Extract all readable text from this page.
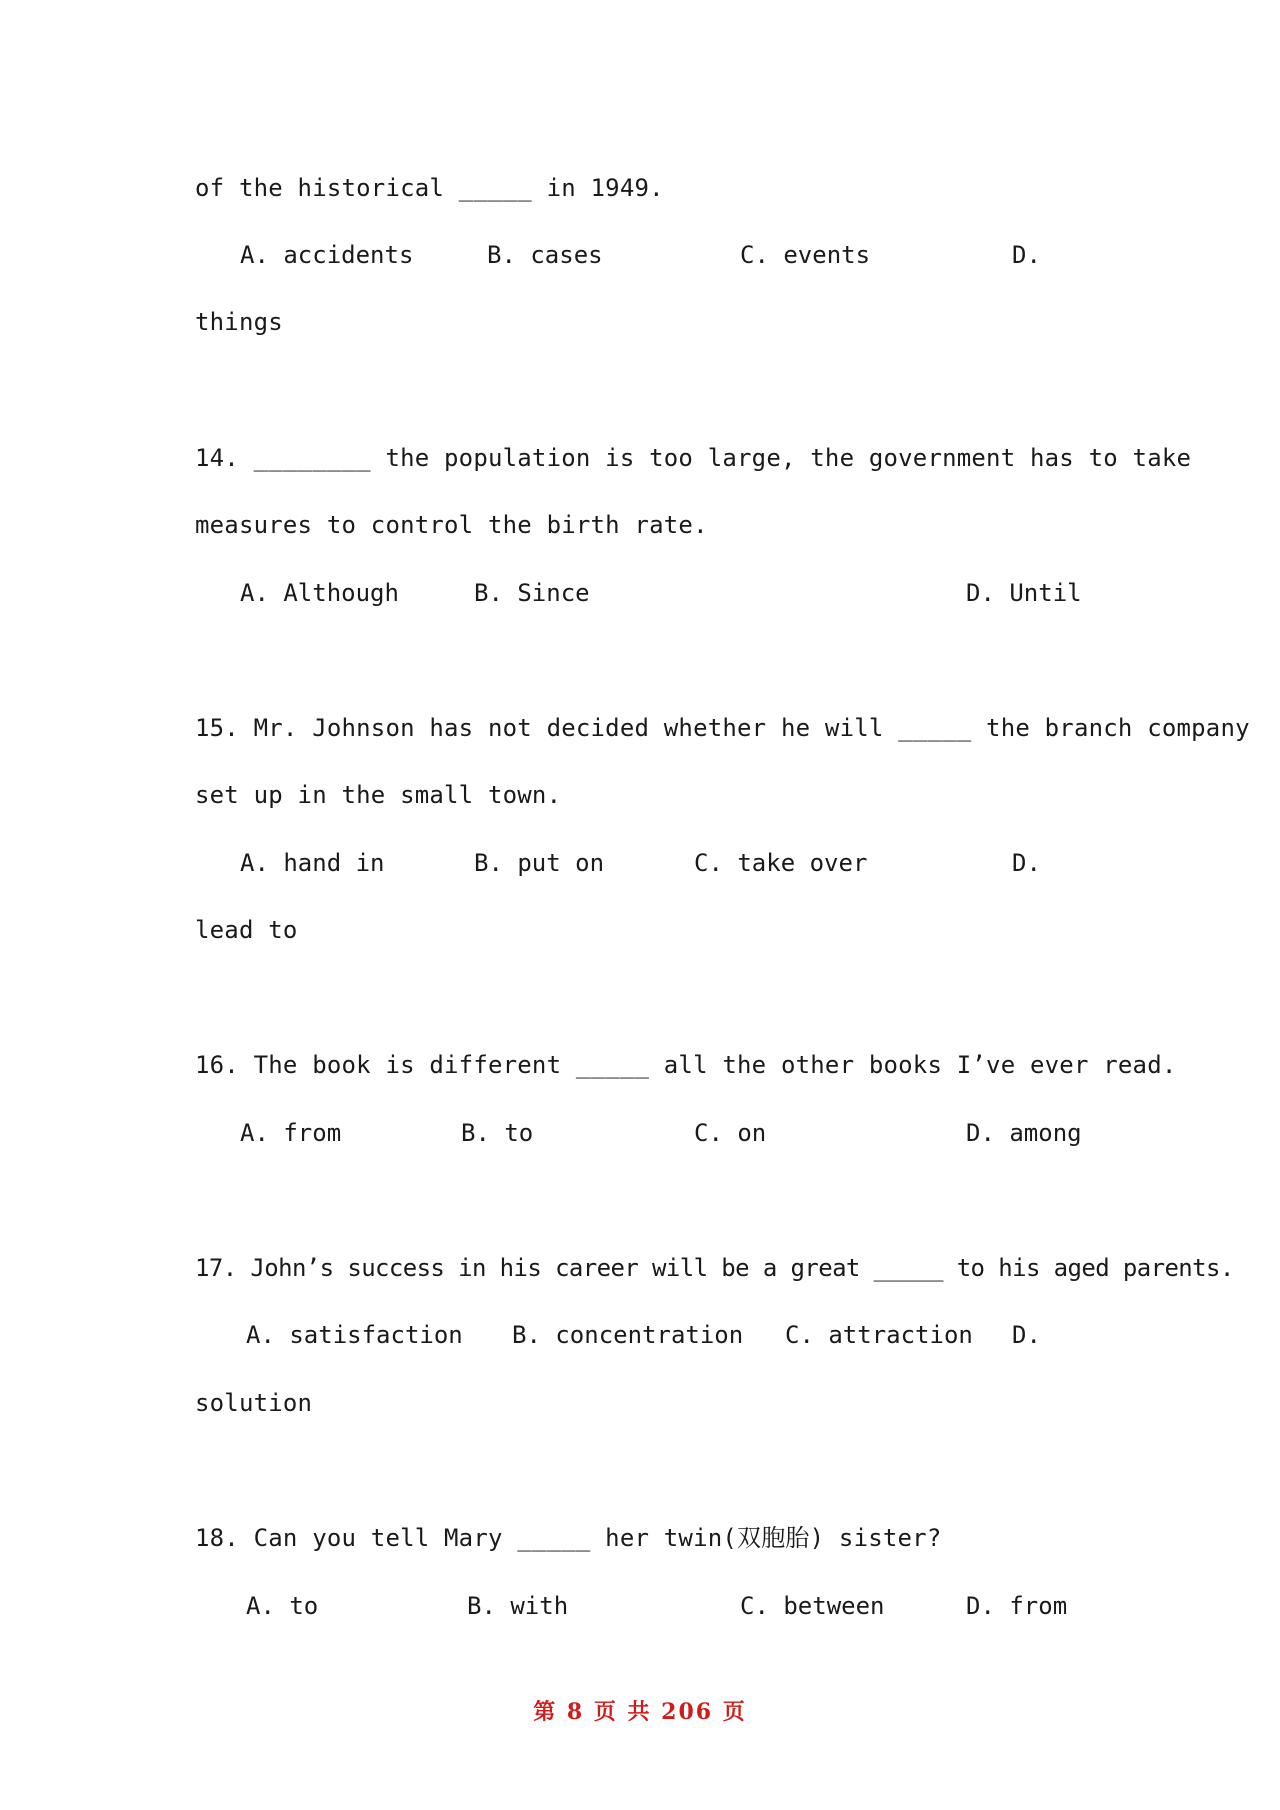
of the historical _____ in 1949.
A. accidents	B. cases	C. events	D.
things
14. ________ the population is too large, the government has to take
measures to control the birth rate.
A. Although	B. Since	D. Until
15. Mr. Johnson has not decided whether he will _____ the branch company
set up in the small town.
A. hand in	B. put on	C. take over	D.
lead to
16. The book is different _____ all the other books I’ve ever read.
A. from	B. to	C. on	D. among
17. John’s success in his career will be a great _____ to his aged parents.
A. satisfaction B. concentration C. attraction D.
solution
18. Can you tell Mary _____ her twin(双胞胎) sister?
A. to	B. with	C. between	D. from
第 8 页 共 206 页
